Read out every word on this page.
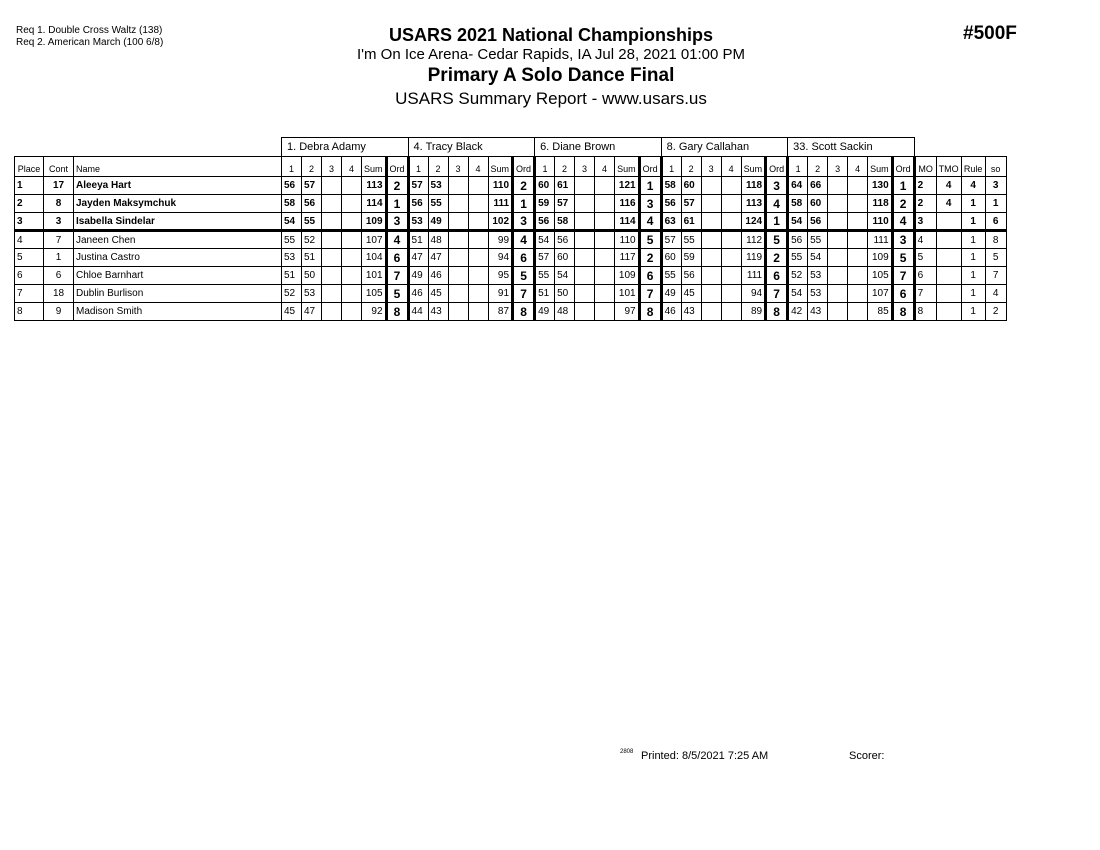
Req 1. Double Cross Waltz (138)
Req 2. American March (100 6/8)	#500F
USARS 2021 National Championships
I'm On Ice Arena- Cedar Rapids, IA Jul 28, 2021 01:00 PM
Primary A Solo Dance Final
USARS Summary Report - www.usars.us
			1. Debra Adamy						4. Tracy Black						6. Diane Brown						8. Gary Callahan						33. Scott Sackin									
Place	Cont	Name	1	2	3	4	Sum	Ord	1	2	3	4	Sum	Ord	1	2	3	4	Sum	Ord	1	2	3	4	Sum	Ord	1	2	3	4	Sum	Ord	MO	TMO	Rule	so
1	17	Aleeya Hart	56	57			113	2	57	53			110	2	60	61			121	1	58	60			118	3	64	66			130	1	2	4	4	3
2	8	Jayden Maksymchuk	58	56			114	1	56	55			111	1	59	57			116	3	56	57			113	4	58	60			118	2	2	4	1	1
3	3	Isabella Sindelar	54	55			109	3	53	49			102	3	56	58			114	4	63	61			124	1	54	56			110	4	3		1	6
4	7	Janeen Chen	55	52			107	4	51	48			99	4	54	56			110	5	57	55			112	5	56	55			111	3	4		1	8
5	1	Justina Castro	53	51			104	6	47	47			94	6	57	60			117	2	60	59			119	2	55	54			109	5	5		1	5
6	6	Chloe Barnhart	51	50			101	7	49	46			95	5	55	54			109	6	55	56			111	6	52	53			105	7	6		1	7
7	18	Dublin Burlison	52	53			105	5	46	45			91	7	51	50			101	7	49	45			94	7	54	53			107	6	7		1	4
8	9	Madison Smith	45	47			92	8	44	43			87	8	49	48			97	8	46	43			89	8	42	43			85	8	8		1	2
2808 Printed: 8/5/2021 7:25 AM	Scorer:
